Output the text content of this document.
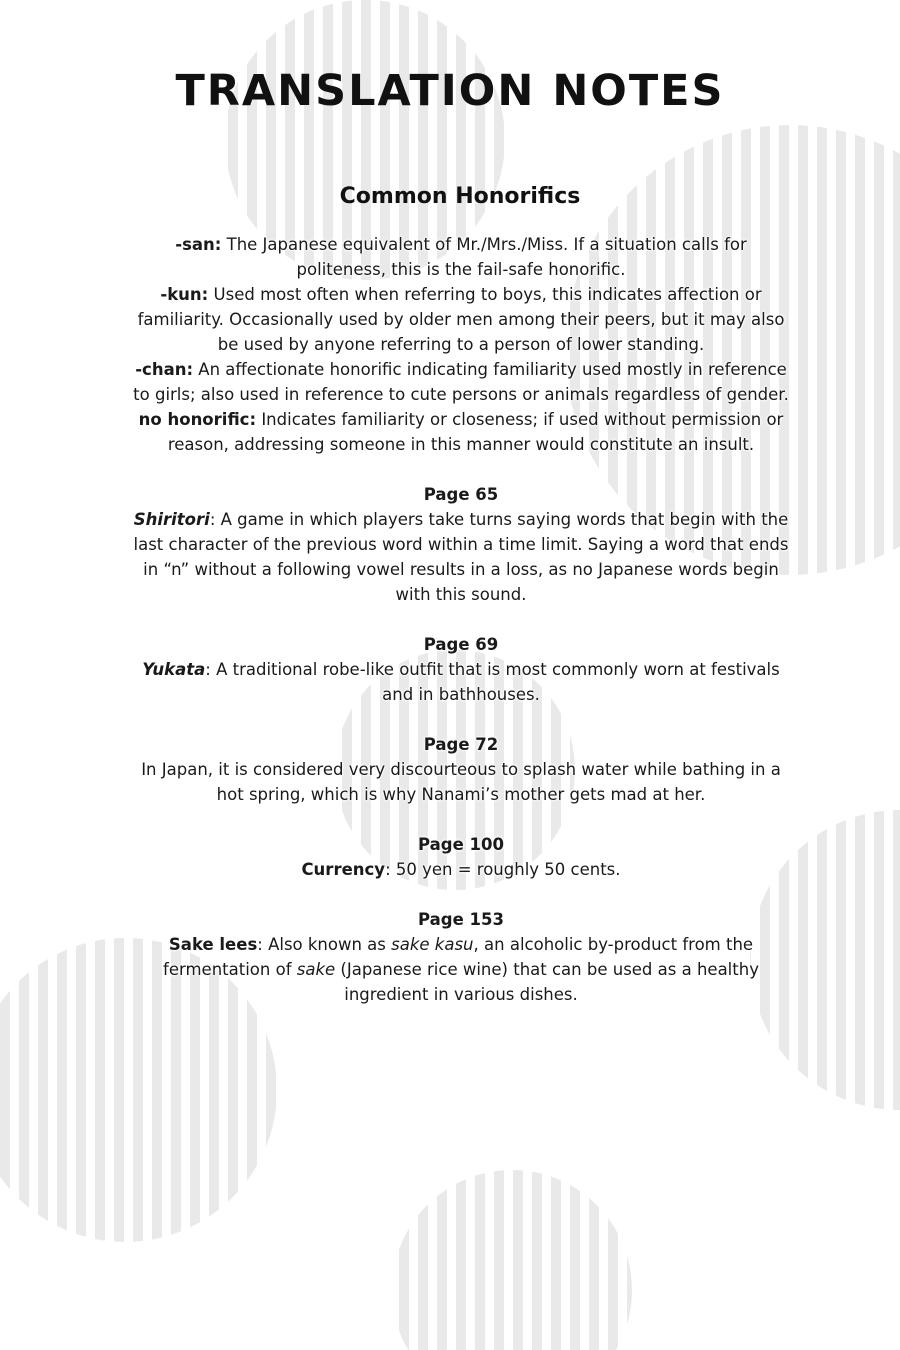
TRANSLATION NOTES
Common Honorifics

-san: The Japanese equivalent of Mr./Mrs./Miss. If a situation calls for politeness, this is the fail-safe honorific.

-kun: Used most often when referring to boys, this indicates affection or familiarity. Occasionally used by older men among their peers, but it may also be used by anyone referring to a person of lower standing.

-chan: An affectionate honorific indicating familiarity used mostly in reference to girls; also used in reference to cute persons or animals regardless of gender.

no honorific: Indicates familiarity or closeness; if used without permission or reason, addressing someone in this manner would constitute an insult.

Page 65

Shiritori: A game in which players take turns saying words that begin with the last character of the previous word within a time limit. Saying a word that ends in “n” without a following vowel results in a loss, as no Japanese words begin with this sound.

Page 69

Yukata: A traditional robe-like outfit that is most commonly worn at festivals and in bathhouses.

Page 72

In Japan, it is considered very discourteous to splash water while bathing in a hot spring, which is why Nanami’s mother gets mad at her.

Page 100

Currency: 50 yen = roughly 50 cents.

Page 153

Sake lees: Also known as sake kasu, an alcoholic by-product from the fermentation of sake (Japanese rice wine) that can be used as a healthy ingredient in various dishes.
